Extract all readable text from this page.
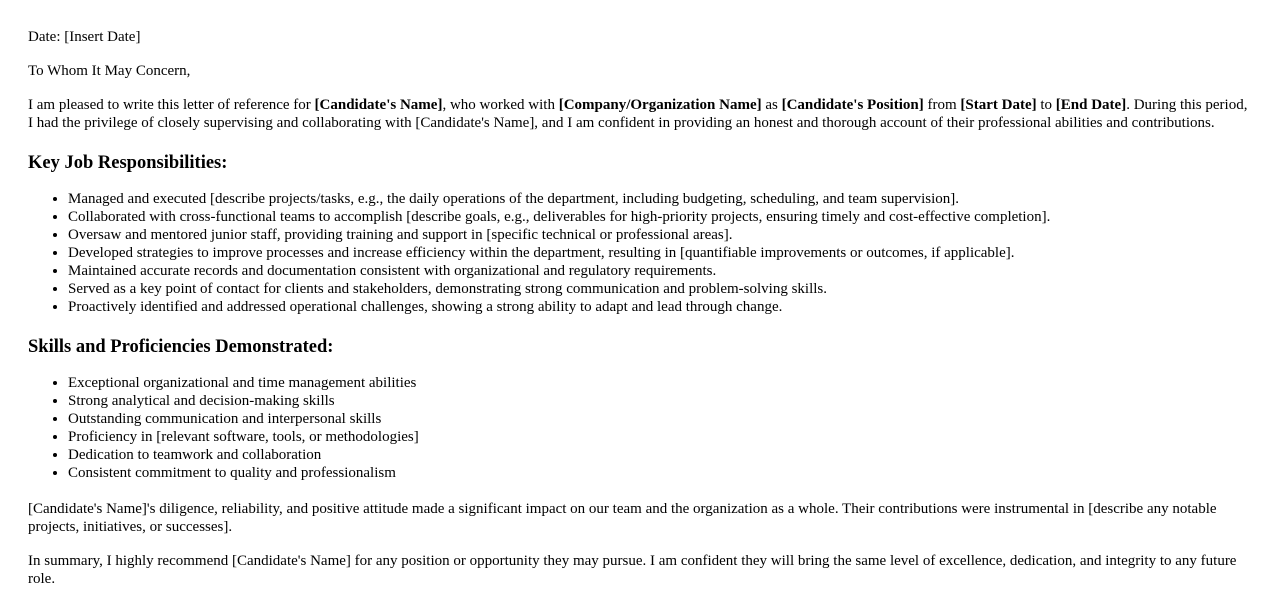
Date: [Insert Date]

To Whom It May Concern,

I am pleased to write this letter of reference for [Candidate's Name], who worked with [Company/Organization Name] as [Candidate's Position] from [Start Date] to [End Date]. During this period, I had the privilege of closely supervising and collaborating with [Candidate's Name], and I am confident in providing an honest and thorough account of their professional abilities and contributions.

Key Job Responsibilities:
• Managed and executed [describe projects/tasks, e.g., the daily operations of the department, including budgeting, scheduling, and team supervision].
• Collaborated with cross-functional teams to accomplish [describe goals, e.g., deliverables for high-priority projects, ensuring timely and cost-effective completion].
• Oversaw and mentored junior staff, providing training and support in [specific technical or professional areas].
• Developed strategies to improve processes and increase efficiency within the department, resulting in [quantifiable improvements or outcomes, if applicable].
• Maintained accurate records and documentation consistent with organizational and regulatory requirements.
• Served as a key point of contact for clients and stakeholders, demonstrating strong communication and problem-solving skills.
• Proactively identified and addressed operational challenges, showing a strong ability to adapt and lead through change.
Skills and Proficiencies Demonstrated:
• Exceptional organizational and time management abilities
• Strong analytical and decision-making skills
• Outstanding communication and interpersonal skills
• Proficiency in [relevant software, tools, or methodologies]
• Dedication to teamwork and collaboration
• Consistent commitment to quality and professionalism

[Candidate's Name]'s diligence, reliability, and positive attitude made a significant impact on our team and the organization as a whole. Their contributions were instrumental in [describe any notable projects, initiatives, or successes].

In summary, I highly recommend [Candidate's Name] for any position or opportunity they may pursue. I am confident they will bring the same level of excellence, dedication, and integrity to any future role.
